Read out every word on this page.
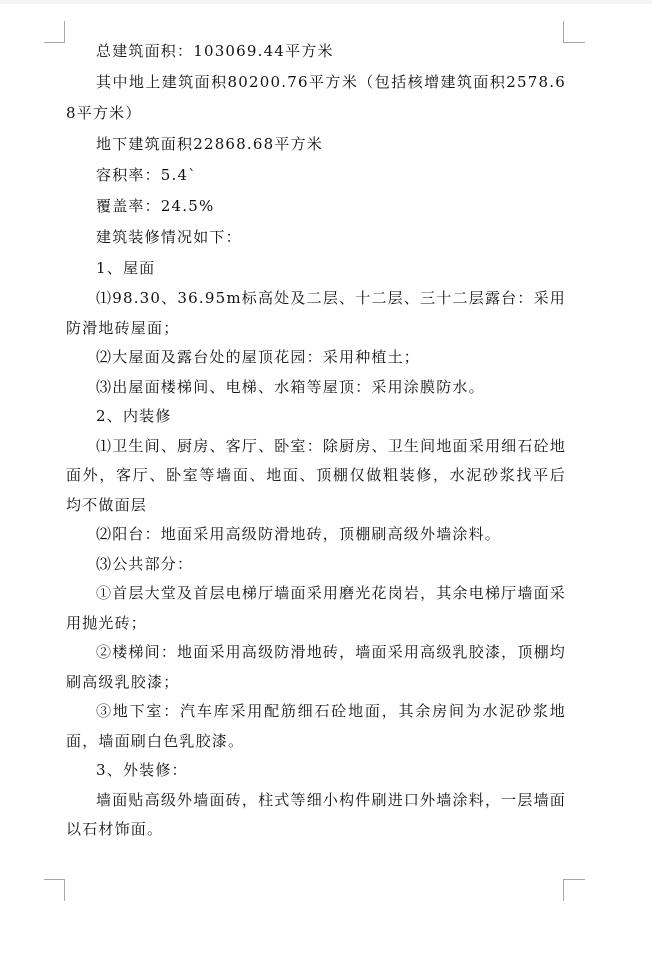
总建筑面积：103069.44平方米

其中地上建筑面积80200.76平方米（包括核增建筑面积2578.68平方米）

地下建筑面积22868.68平方米

容积率：5.4`

覆盖率：24.5%

建筑装修情况如下：

1、屋面

⑴98.30、36.95m标高处及二层、十二层、三十二层露台：采用防滑地砖屋面；

⑵大屋面及露台处的屋顶花园：采用种植土；

⑶出屋面楼梯间、电梯、水箱等屋顶：采用涂膜防水。

2、内装修

⑴卫生间、厨房、客厅、卧室：除厨房、卫生间地面采用细石砼地面外，客厅、卧室等墙面、地面、顶棚仅做粗装修，水泥砂浆找平后均不做面层

⑵阳台：地面采用高级防滑地砖，顶棚刷高级外墙涂料。

⑶公共部分：

①首层大堂及首层电梯厅墙面采用磨光花岗岩，其余电梯厅墙面采用抛光砖；

②楼梯间：地面采用高级防滑地砖，墙面采用高级乳胶漆，顶棚均刷高级乳胶漆；

③地下室：汽车库采用配筋细石砼地面，其余房间为水泥砂浆地面，墙面刷白色乳胶漆。

3、外装修：

墙面贴高级外墙面砖，柱式等细小构件刷进口外墙涂料，一层墙面以石材饰面。
